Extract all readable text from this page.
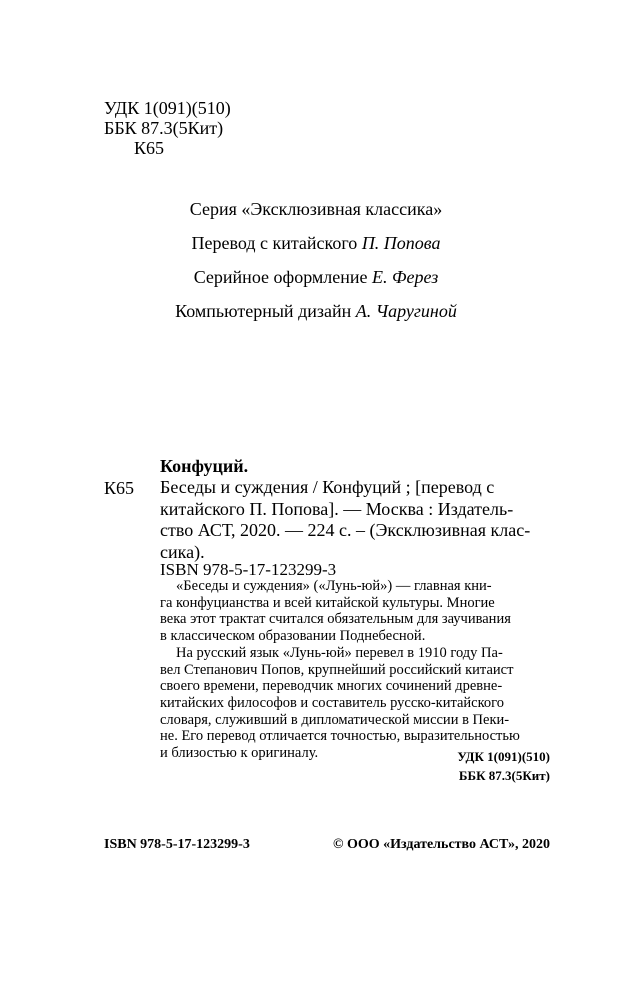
УДК 1(091)(510)
ББК 87.3(5Кит)
К65
Серия «Эксклюзивная классика»
Перевод с китайского П. Попова
Серийное оформление Е. Ферез
Компьютерный дизайн А. Чаругиной
Конфуций.
К65 Беседы и суждения / Конфуций ; [перевод с
китайского П. Попова]. — Москва : Издатель-
ство АСТ, 2020. — 224 с. – (Эксклюзивная клас-
сика).
ISBN 978-5-17-123299-3

«Беседы и суждения» («Лунь-юй») — главная кни-
га конфуцианства и всей китайской культуры. Многие
века этот трактат считался обязательным для заучивания
в классическом образовании Поднебесной.

На русский язык «Лунь-юй» перевел в 1910 году Па-
вел Степанович Попов, крупнейший российский китаист
своего времени, переводчик многих сочинений древне-
китайских философов и составитель русско-китайского
словаря, служивший в дипломатической миссии в Пеки-
не. Его перевод отличается точностью, выразительностью
и близостью к оригиналу.	УДК 1(091)(510)
ББК 87.3(5Кит)
ISBN 978-5-17-123299-3	© ООО «Издательство АСТ», 2020
